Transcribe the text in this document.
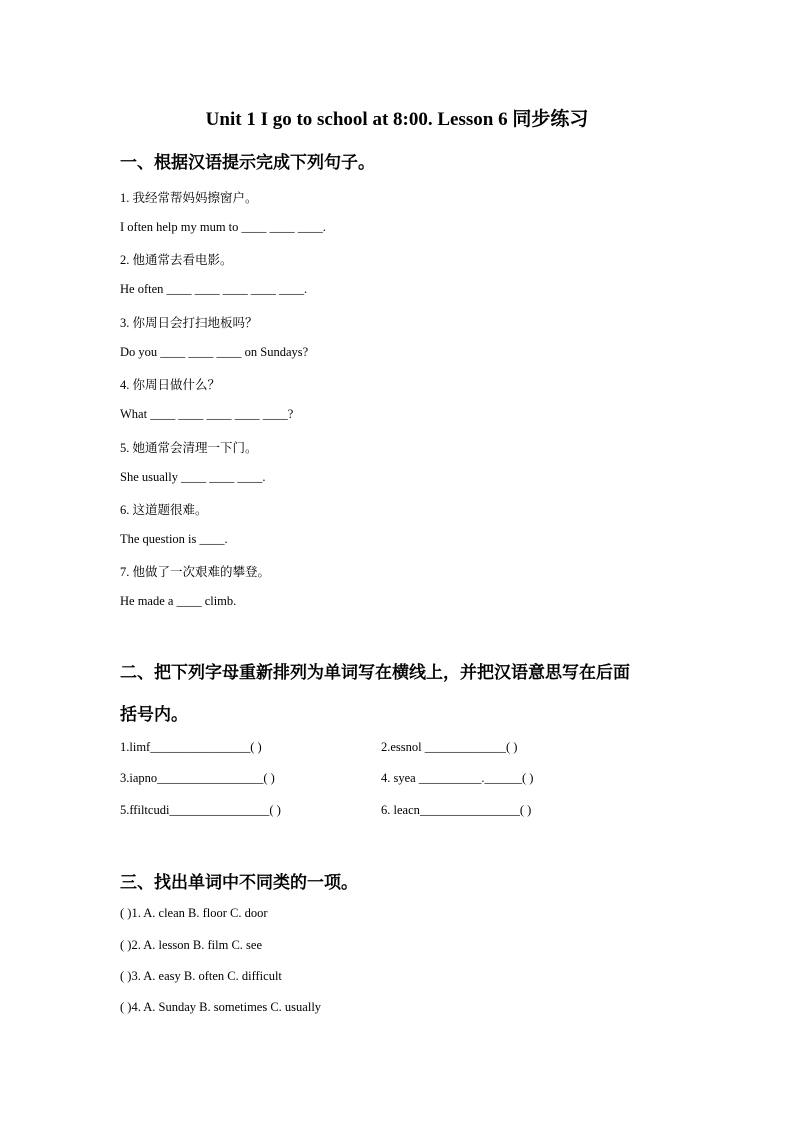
Unit 1 I go to school at 8:00. Lesson 6 同步练习
一、根据汉语提示完成下列句子。
1. 我经常帮妈妈擦窗户。
I often help my mum to ____ ____ ____.
2. 他通常去看电影。
He often ____ ____ ____ ____ ____.
3. 你周日会打扫地板吗？
Do you ____ ____ ____ on Sundays?
4. 你周日做什么？
What ____ ____ ____ ____ ____?
5. 她通常会清理一下门。
She usually ____ ____ ____.
6. 这道题很难。
The question is ____.
7. 他做了一次艰难的攀登。
He made a ____ climb.
二、把下列字母重新排列为单词写在横线上，并把汉语意思写在后面
括号内。
1.limf________________( )	2.essnol _____________( )
3.iapno_________________( )	4. syea __________.______( )
5.ffiltcudi________________( )	6. leacn________________( )
三、找出单词中不同类的一项。
( )1. A. clean B. floor C. door
( )2. A. lesson B. film C. see
( )3. A. easy B. often C. difficult
( )4. A. Sunday B. sometimes C. usually
